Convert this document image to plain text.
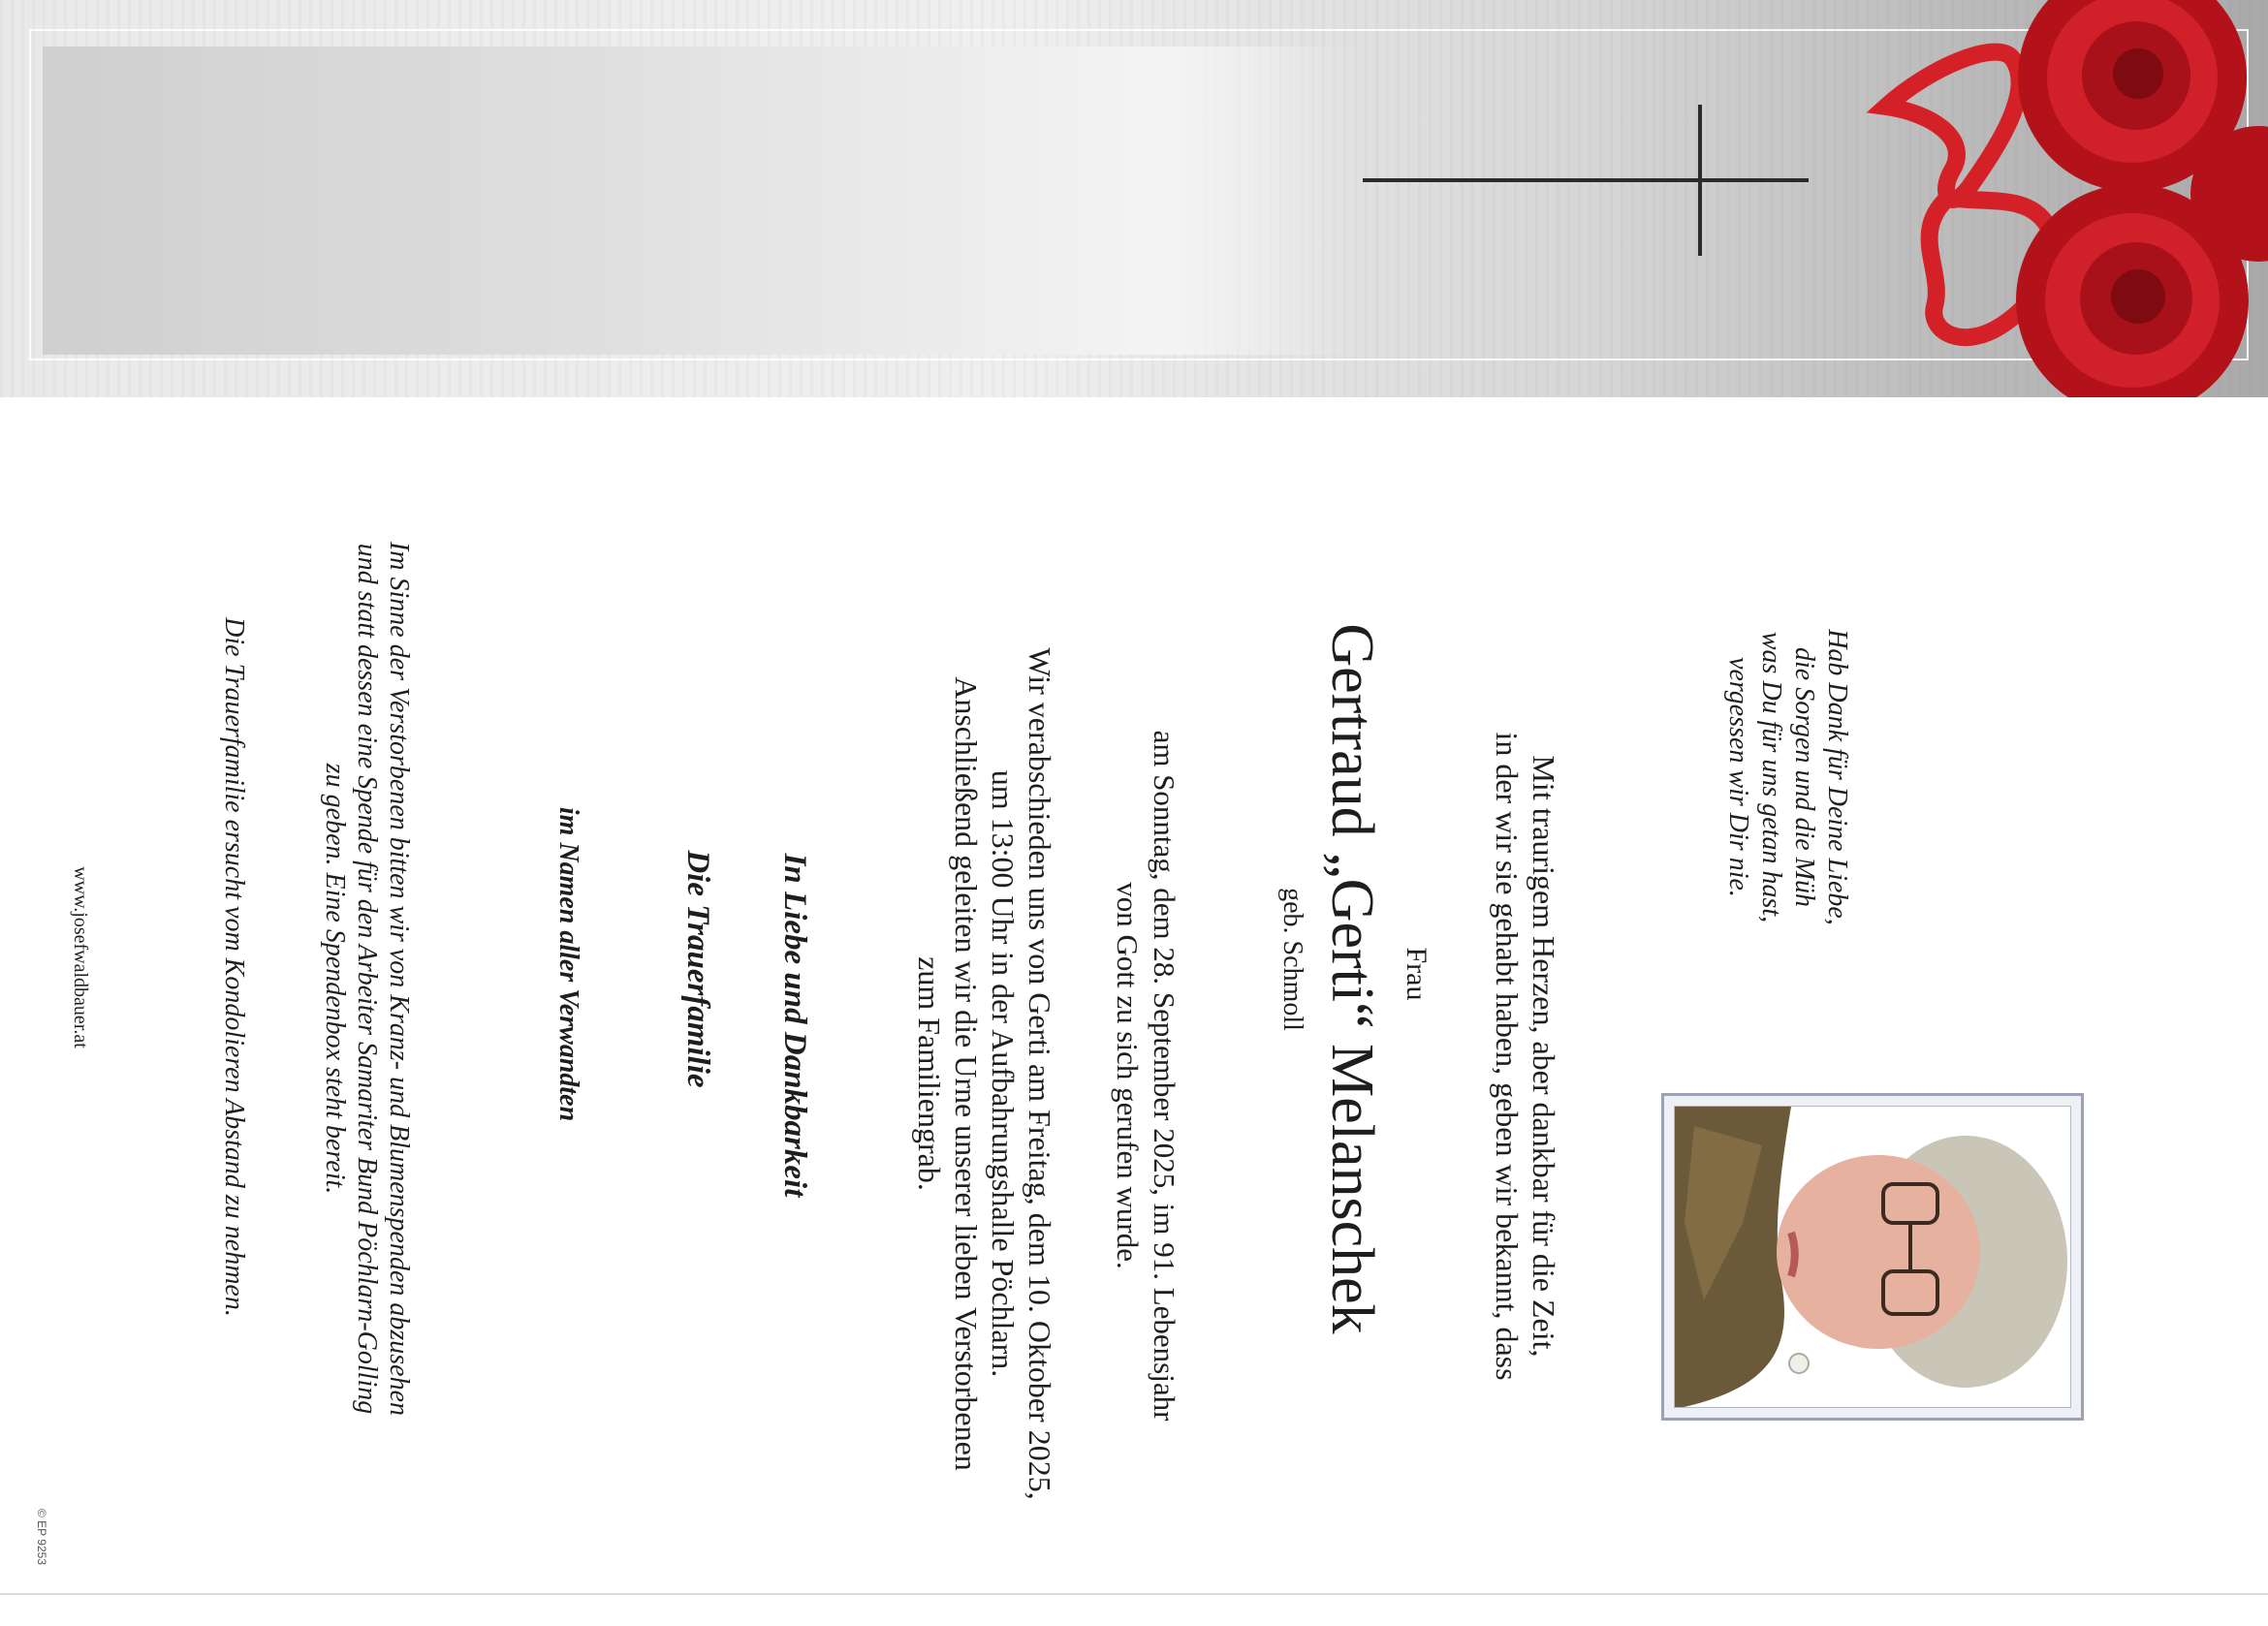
Hab Dank für Deine Liebe,
die Sorgen und die Müh
was Du für uns getan hast,
vergessen wir Dir nie.
Mit traurigem Herzen, aber dankbar für die Zeit,
in der wir sie gehabt haben, geben wir bekannt, dass
Frau
Gertraud „Gerti“ Melanschek
geb. Schmoll
am Sonntag, dem 28. September 2025, im 91. Lebensjahr
von Gott zu sich gerufen wurde.
Wir verabschieden uns von Gerti am Freitag, dem 10. Oktober 2025,
um 13:00 Uhr in der Aufbahrungshalle Pöchlarn.
Anschließend geleiten wir die Urne unserer lieben Verstorbenen
zum Familiengrab.
In Liebe und Dankbarkeit
Die Trauerfamilie
im Namen aller Verwandten
Im Sinne der Verstorbenen bitten wir von Kranz- und Blumenspenden abzusehen
und statt dessen eine Spende für den Arbeiter Samariter Bund Pöchlarn-Golling
zu geben. Eine Spendenbox steht bereit.
Die Trauerfamilie ersucht vom Kondolieren Abstand zu nehmen.
www.josefwaldbauer.at
© EP 9253
